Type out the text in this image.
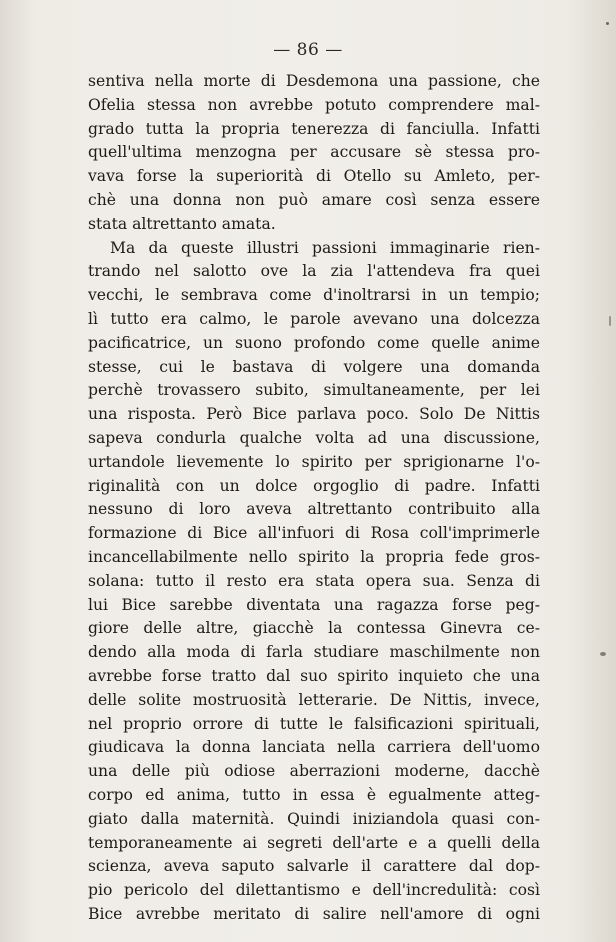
— 86 —
sentiva nella morte di Desdemona una passione, che
Ofelia stessa non avrebbe potuto comprendere mal-
grado tutta la propria tenerezza di fanciulla. Infatti
quell'ultima menzogna per accusare sè stessa pro-
vava forse la superiorità di Otello su Amleto, per-
chè una donna non può amare così senza essere
stata altrettanto amata.
Ma da queste illustri passioni immaginarie rien-
trando nel salotto ove la zia l'attendeva fra quei
vecchi, le sembrava come d'inoltrarsi in un tempio;
lì tutto era calmo, le parole avevano una dolcezza
pacificatrice, un suono profondo come quelle anime
stesse, cui le bastava di volgere una domanda
perchè trovassero subito, simultaneamente, per lei
una risposta. Però Bice parlava poco. Solo De Nittis
sapeva condurla qualche volta ad una discussione,
urtandole lievemente lo spirito per sprigionarne l'o-
riginalità con un dolce orgoglio di padre. Infatti
nessuno di loro aveva altrettanto contribuito alla
formazione di Bice all'infuori di Rosa coll'imprimerle
incancellabilmente nello spirito la propria fede gros-
solana: tutto il resto era stata opera sua. Senza di
lui Bice sarebbe diventata una ragazza forse peg-
giore delle altre, giacchè la contessa Ginevra ce-
dendo alla moda di farla studiare maschilmente non
avrebbe forse tratto dal suo spirito inquieto che una
delle solite mostruosità letterarie. De Nittis, invece,
nel proprio orrore di tutte le falsificazioni spirituali,
giudicava la donna lanciata nella carriera dell'uomo
una delle più odiose aberrazioni moderne, dacchè
corpo ed anima, tutto in essa è egualmente atteg-
giato dalla maternità. Quindi iniziandola quasi con-
temporaneamente ai segreti dell'arte e a quelli della
scienza, aveva saputo salvarle il carattere dal dop-
pio pericolo del dilettantismo e dell'incredulità: così
Bice avrebbe meritato di salire nell'amore di ogni
